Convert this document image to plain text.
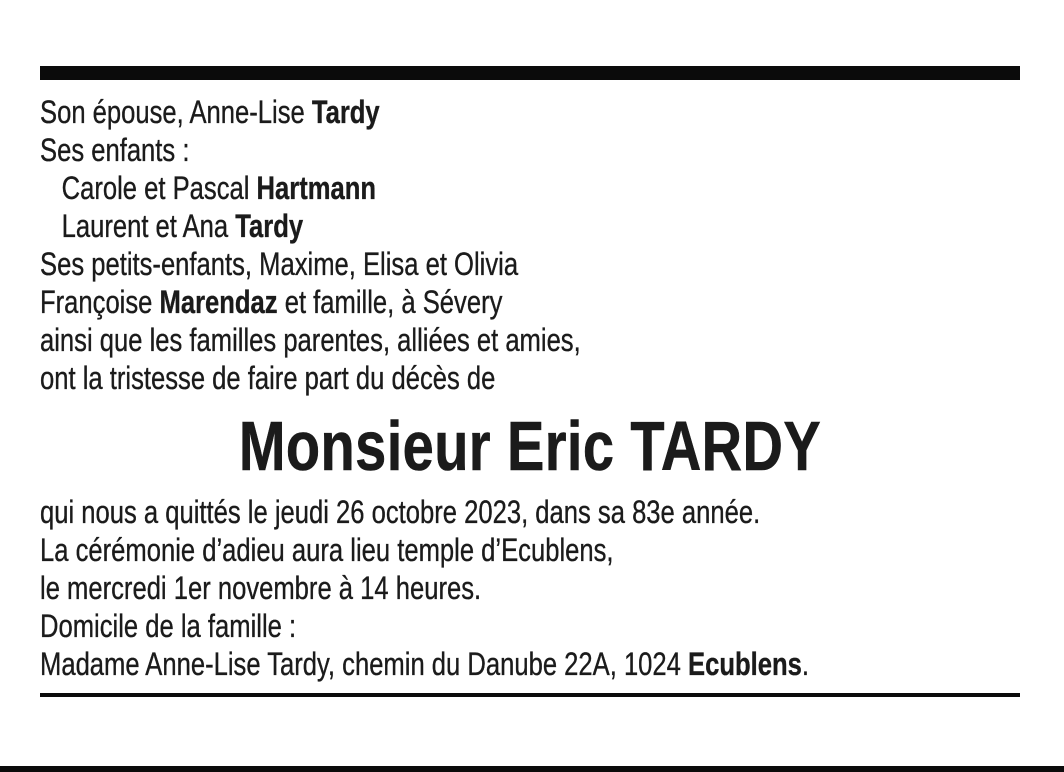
Son épouse, Anne-Lise Tardy
Ses enfants :
Carole et Pascal Hartmann
Laurent et Ana Tardy
Ses petits-enfants, Maxime, Elisa et Olivia
Françoise Marendaz et famille, à Sévery
ainsi que les familles parentes, alliées et amies,
ont la tristesse de faire part du décès de
Monsieur Eric TARDY
qui nous a quittés le jeudi 26 octobre 2023, dans sa 83e année.
La cérémonie d’adieu aura lieu temple d’Ecublens,
le mercredi 1er novembre à 14 heures.
Domicile de la famille :
Madame Anne-Lise Tardy, chemin du Danube 22A, 1024 Ecublens.
